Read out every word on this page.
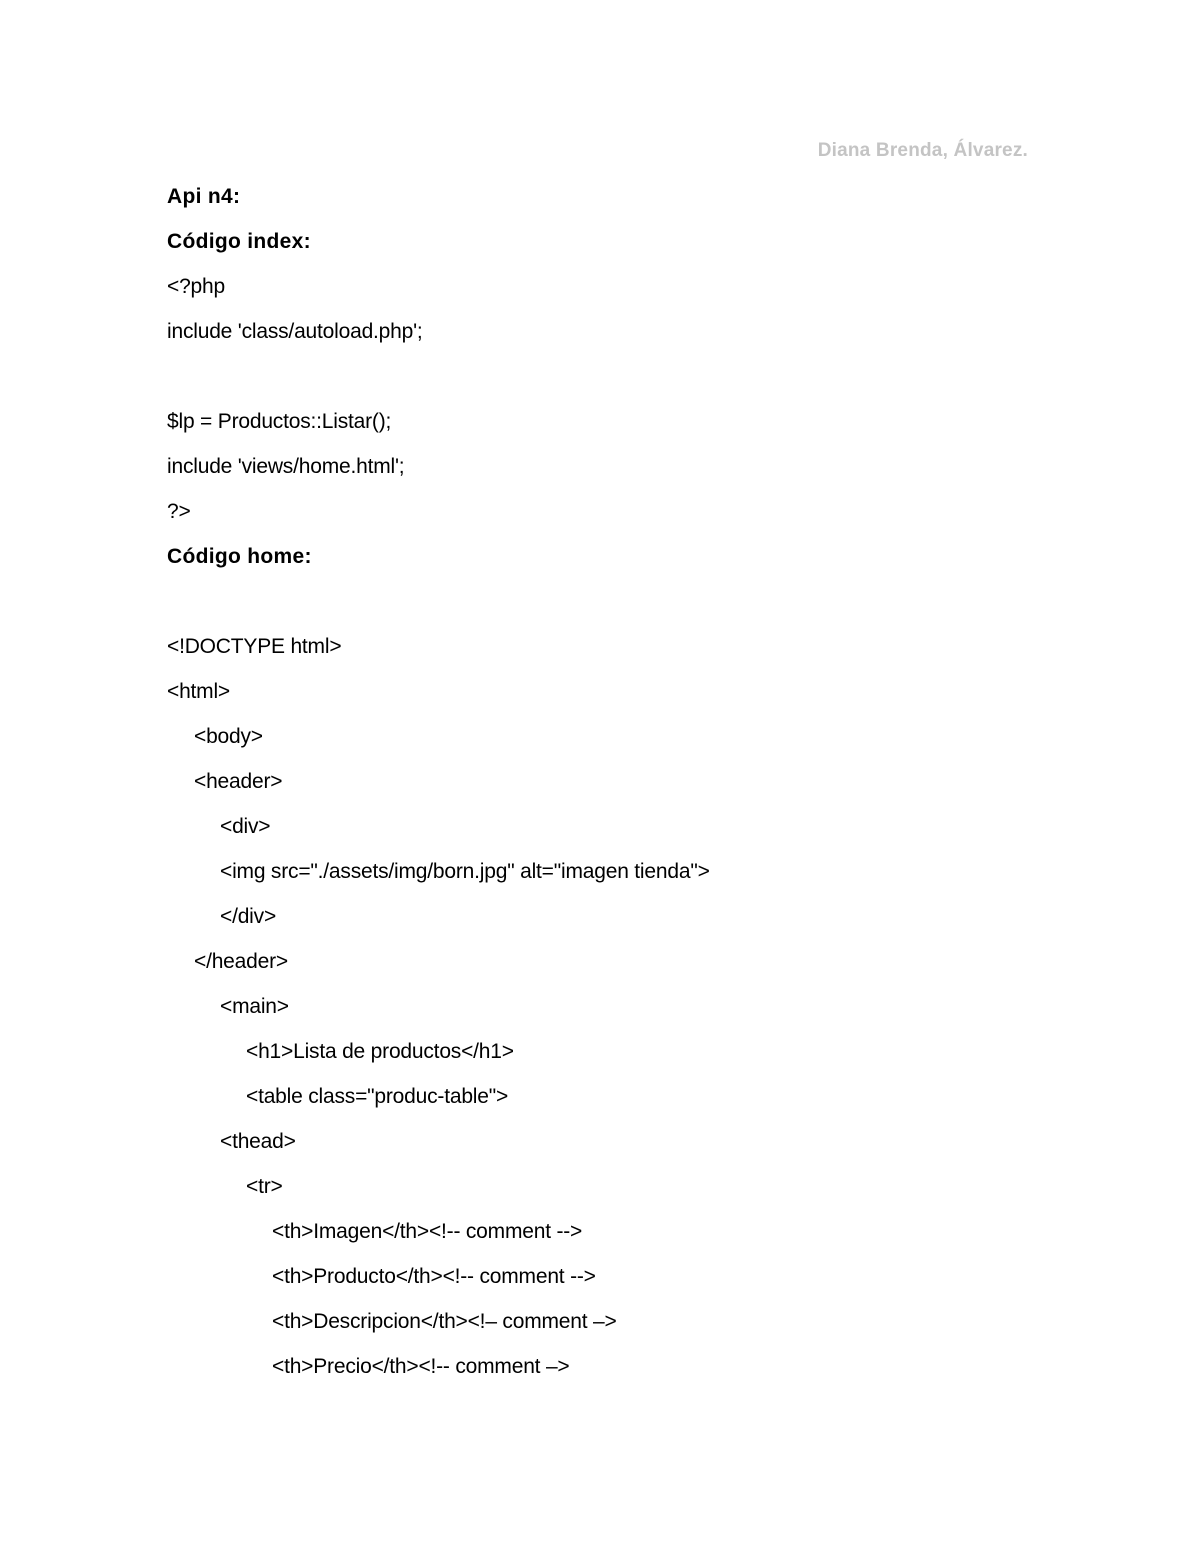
Diana Brenda, Álvarez.
Api n4:
Código index:
<?php
include 'class/autoload.php';
$lp = Productos::Listar();
include 'views/home.html';
?>
Código home:
<!DOCTYPE html>
<html>
<body>
<header>
<div>
<img src="./assets/img/born.jpg" alt="imagen tienda">
</div>
</header>
<main>
<h1>Lista de productos</h1>
<table class="produc-table">
<thead>
<tr>
<th>Imagen</th><!-- comment -->
<th>Producto</th><!-- comment -->
<th>Descripcion</th><!– comment –>
<th>Precio</th><!-- comment –>
